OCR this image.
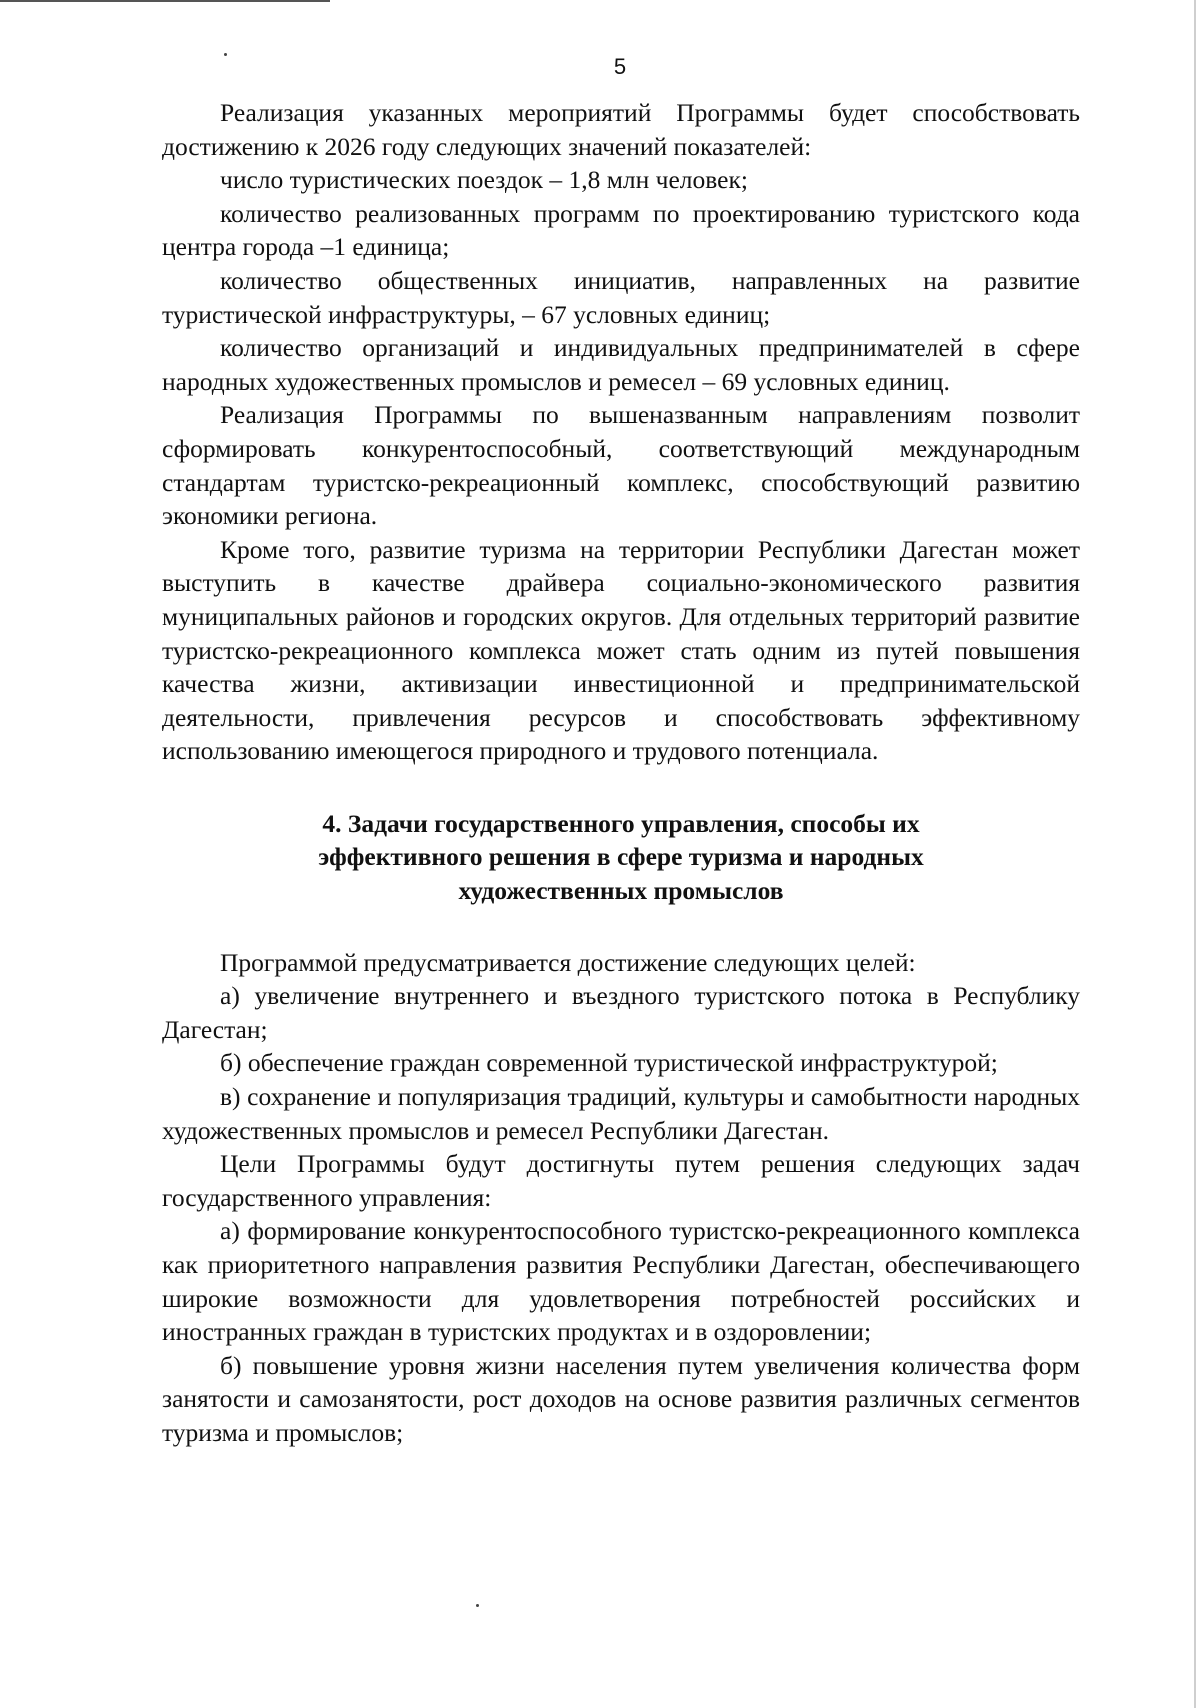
5

Реализация указанных мероприятий Программы будет способствовать достижению к 2026 году следующих значений показателей:

число туристических поездок – 1,8 млн человек;

количество реализованных программ по проектированию туристского кода центра города –1 единица;

количество общественных инициатив, направленных на развитие туристической инфраструктуры, – 67 условных единиц;

количество организаций и индивидуальных предпринимателей в сфере народных художественных промыслов и ремесел – 69 условных единиц.

Реализация Программы по вышеназванным направлениям позволит сформировать конкурентоспособный, соответствующий международным стандартам туристско-рекреационный комплекс, способствующий развитию экономики региона.

Кроме того, развитие туризма на территории Республики Дагестан может выступить в качестве драйвера социально-экономического развития муниципальных районов и городских округов. Для отдельных территорий развитие туристско-рекреационного комплекса может стать одним из путей повышения качества жизни, активизации инвестиционной и предпринимательской деятельности, привлечения ресурсов и способствовать эффективному использованию имеющегося природного и трудового потенциала.

4. Задачи государственного управления, способы их
эффективного решения в сфере туризма и народных
художественных промыслов

Программой предусматривается достижение следующих целей:

а) увеличение внутреннего и въездного туристского потока в Республику Дагестан;

б) обеспечение граждан современной туристической инфраструктурой;

в) сохранение и популяризация традиций, культуры и самобытности народных художественных промыслов и ремесел Республики Дагестан.

Цели Программы будут достигнуты путем решения следующих задач государственного управления:

а) формирование конкурентоспособного туристско-рекреационного комплекса как приоритетного направления развития Республики Дагестан, обеспечивающего широкие возможности для удовлетворения потребностей российских и иностранных граждан в туристских продуктах и в оздоровлении;

б) повышение уровня жизни населения путем увеличения количества форм занятости и самозанятости, рост доходов на основе развития различных сегментов туризма и промыслов;
